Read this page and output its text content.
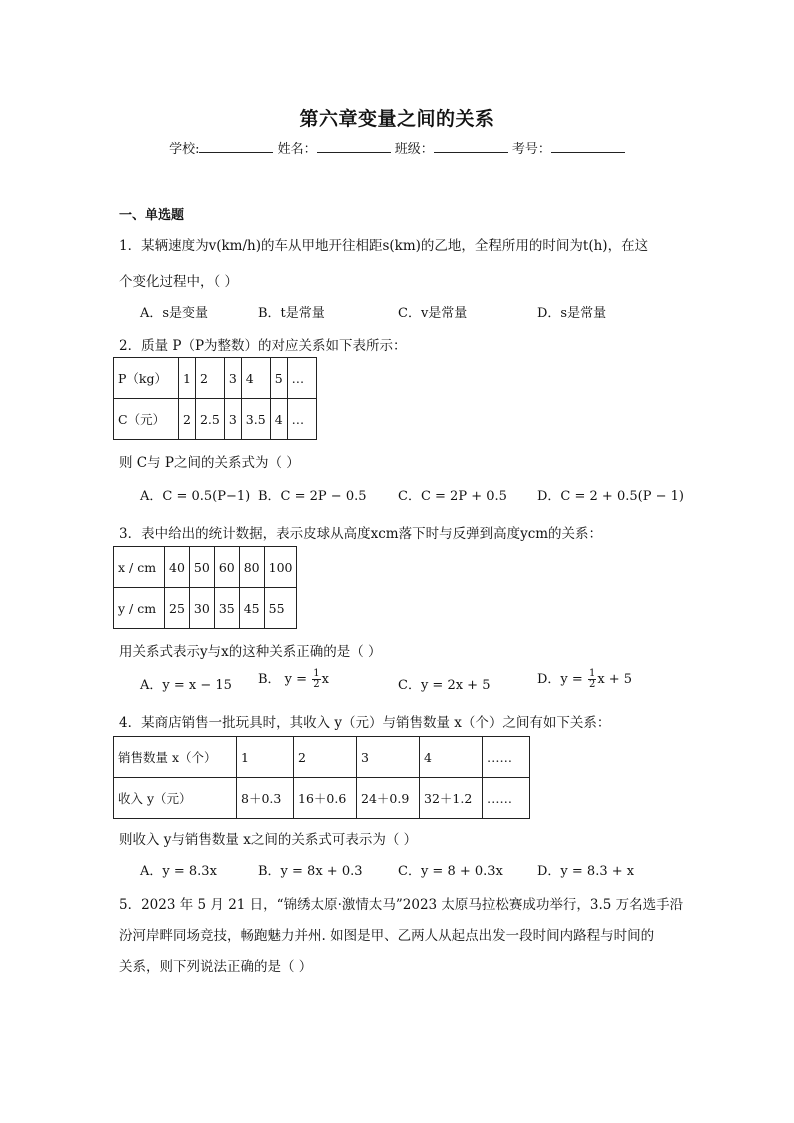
第六章变量之间的关系
学校:	姓名：	班级：	考号：
一、单选题
1．某辆速度为v(km/h)的车从甲地开往相距s(km)的乙地，全程所用的时间为t(h)，在这
个变化过程中，（ ）
A．s是变量	B．t是常量	C．v是常量	D．s是常量
2．质量 P（P为整数）的对应关系如下表所示：
P（kg）	1	2	3	4	5	…
C（元）	2	2.5	3	3.5	4	…
则 C与 P之间的关系式为（ ）
A．C = 0.5(P−1) B．C = 2P − 0.5 C．C = 2P + 0.5 D．C = 2 + 0.5(P − 1)
3．表中给出的统计数据，表示皮球从高度xcm落下时与反弹到高度ycm的关系：
x / cm	40	50	60	80	100
y / cm	25	30	35	45	55
用关系式表示y与x的这种关系正确的是（ ）
A．y = x − 15 B． $y = \frac{1}{2}$ x	C．y = 2x + 5	D．$y = \frac{1}{2}$ x + 5
4．某商店销售一批玩具时，其收入 y（元）与销售数量 x（个）之间有如下关系：
销售数量 x（个）	1	2	3	4	……
收入 y（元）	8＋0.3	16＋0.6	24＋0.9	32＋1.2	……
则收入 y与销售数量 x之间的关系式可表示为（ ）
A．y = 8.3x	B．y = 8x + 0.3	C．y = 8 + 0.3x	D．y = 8.3 + x
5．2023 年 5 月 21 日，“锦绣太原·激情太马”2023 太原马拉松赛成功举行，3.5 万名选手沿
汾河岸畔同场竞技，畅跑魅力并州. 如图是甲、乙两人从起点出发一段时间内路程与时间的
关系，则下列说法正确的是（ ）
